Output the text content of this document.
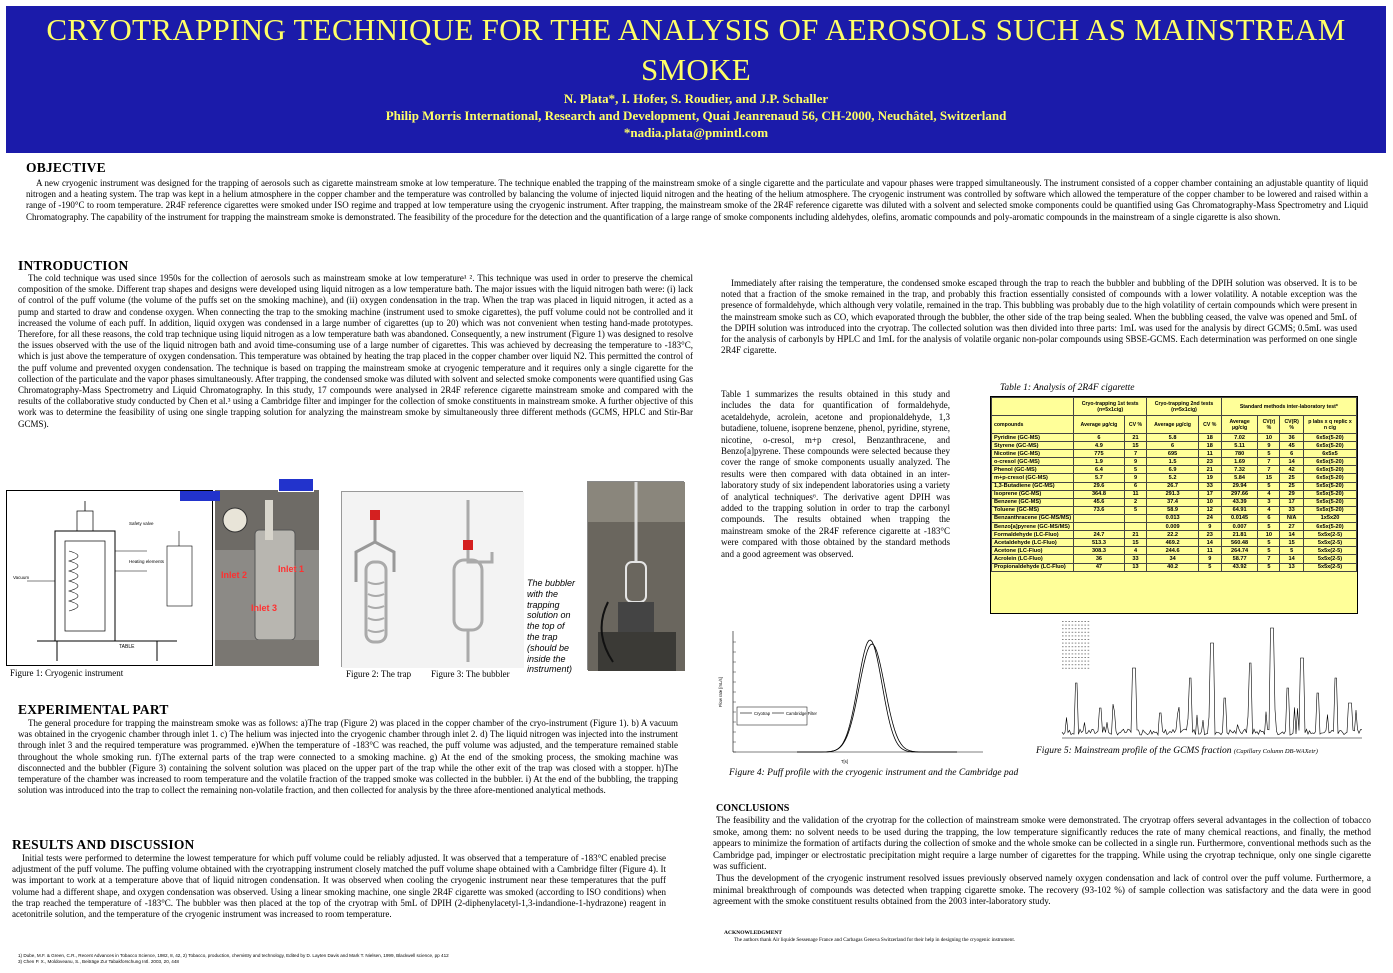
CRYOTRAPPING TECHNIQUE FOR THE ANALYSIS OF AEROSOLS SUCH AS MAINSTREAM SMOKE
N. Plata*, I. Hofer, S. Roudier, and J.P. Schaller
Philip Morris International, Research and Development, Quai Jeanrenaud 56, CH-2000, Neuchâtel, Switzerland
*nadia.plata@pmintl.com
OBJECTIVE

A new cryogenic instrument was designed for the trapping of aerosols such as cigarette mainstream smoke at low temperature. The technique enabled the trapping of the mainstream smoke of a single cigarette and the particulate and vapour phases were trapped simultaneously. The instrument consisted of a copper chamber containing an adjustable quantity of liquid nitrogen and a heating system. The trap was kept in a helium atmosphere in the copper chamber and the temperature was controlled by balancing the volume of injected liquid nitrogen and the heating of the helium atmosphere. The cryogenic instrument was controlled by software which allowed the temperature of the copper chamber to be lowered and raised within a range of -190°C to room temperature. 2R4F reference cigarettes were smoked under ISO regime and trapped at low temperature using the cryogenic instrument. After trapping, the mainstream smoke of the 2R4F reference cigarette was diluted with a solvent and selected smoke components could be quantified using Gas Chromatography-Mass Spectrometry and Liquid Chromatography. The capability of the instrument for trapping the mainstream smoke is demonstrated. The feasibility of the procedure for the detection and the quantification of a large range of smoke components including aldehydes, olefins, aromatic compounds and poly-aromatic compounds in the mainstream of a single cigarette is also shown.

INTRODUCTION

The cold technique was used since 1950s for the collection of aerosols such as mainstream smoke at low temperature¹ ². This technique was used in order to preserve the chemical composition of the smoke. Different trap shapes and designs were developed using liquid nitrogen as a low temperature bath. The major issues with the liquid nitrogen bath were: (i) lack of control of the puff volume (the volume of the puffs set on the smoking machine), and (ii) oxygen condensation in the trap. When the trap was placed in liquid nitrogen, it acted as a pump and started to draw and condense oxygen. When connecting the trap to the smoking machine (instrument used to smoke cigarettes), the puff volume could not be controlled and it increased the volume of each puff. In addition, liquid oxygen was condensed in a large number of cigarettes (up to 20) which was not convenient when testing hand-made prototypes. Therefore, for all these reasons, the cold trap technique using liquid nitrogen as a low temperature bath was abandoned. Consequently, a new instrument (Figure 1) was designed to resolve the issues observed with the use of the liquid nitrogen bath and avoid time-consuming use of a large number of cigarettes. This was achieved by decreasing the temperature to -183°C, which is just above the temperature of oxygen condensation. This temperature was obtained by heating the trap placed in the copper chamber over liquid N2. This permitted the control of the puff volume and prevented oxygen condensation. The technique is based on trapping the mainstream smoke at cryogenic temperature and it requires only a single cigarette for the collection of the particulate and the vapor phases simultaneously. After trapping, the condensed smoke was diluted with solvent and selected smoke components were quantified using Gas Chromatography-Mass Spectrometry and Liquid Chromatography. In this study, 17 compounds were analysed in 2R4F reference cigarette mainstream smoke and compared with the results of the collaborative study conducted by Chen et al.³ using a Cambridge filter and impinger for the collection of smoke constituents in mainstream smoke. A further objective of this work was to determine the feasibility of using one single trapping solution for analyzing the mainstream smoke by simultaneously three different methods (GCMS, HPLC and Stir-Bar GCMS).

Safety valve
Heating elements
Vacuum
TABLE
Inlet 2
Inlet 1
Inlet 3
Figure 1: Cryogenic instrument	Figure 2: The trap Figure 3: The bubbler
The bubbler with the trapping solution on the top of the trap (should be inside the instrument)
EXPERIMENTAL PART

The general procedure for trapping the mainstream smoke was as follows: a)The trap (Figure 2) was placed in the copper chamber of the cryo-instrument (Figure 1). b) A vacuum was obtained in the cryogenic chamber through inlet 1. c) The helium was injected into the cryogenic chamber through inlet 2. d) The liquid nitrogen was injected into the instrument through inlet 3 and the required temperature was programmed. e)When the temperature of -183°C was reached, the puff volume was adjusted, and the temperature remained stable throughout the whole smoking run. f)The external parts of the trap were connected to a smoking machine. g) At the end of the smoking process, the smoking machine was disconnected and the bubbler (Figure 3) containing the solvent solution was placed on the upper part of the trap while the other exit of the trap was closed with a stopper. h)The temperature of the chamber was increased to room temperature and the volatile fraction of the trapped smoke was collected in the bubbler. i) At the end of the bubbling, the trapping solution was introduced into the trap to collect the remaining non-volatile fraction, and then collected for analysis by the three afore-mentioned analytical methods.

RESULTS AND DISCUSSION

Initial tests were performed to determine the lowest temperature for which puff volume could be reliably adjusted. It was observed that a temperature of -183°C enabled precise adjustment of the puff volume. The puffing volume obtained with the cryotrapping instrument closely matched the puff volume shape obtained with a Cambridge filter (Figure 4). It was important to work at a temperature above that of liquid nitrogen condensation. It was observed when cooling the cryogenic instrument near these temperatures that the puff volume had a different shape, and oxygen condensation was observed. Using a linear smoking machine, one single 2R4F cigarette was smoked (according to ISO conditions) when the trap reached the temperature of -183°C. The bubbler was then placed at the top of the cryotrap with 5mL of DPIH (2-diphenylacetyl-1,3-indandione-1-hydrazone) reagent in acetonitrile solution, and the temperature of the cryogenic instrument was increased to room temperature.

1) Dube, M.F. & Green, C.R., Recent Advances in Tobacco Science, 1982, 8, 42, 2) Tobacco, production, chemistry and technology, Edited by D. Layten Davis and Mark T. Nielsen, 1999, Blackwell science, pp 412
3) Chen P. X., Moldoveanu, S., Beiträge Zur Tabakforschung Intl. 2003, 20, 448

Immediately after raising the temperature, the condensed smoke escaped through the trap to reach the bubbler and bubbling of the DPIH solution was observed. It is to be noted that a fraction of the smoke remained in the trap, and probably this fraction essentially consisted of compounds with a lower volatility. A notable exception was the presence of formaldehyde, which although very volatile, remained in the trap. This bubbling was probably due to the high volatility of certain compounds which were present in the mainstream smoke such as CO, which evaporated through the bubbler, the other side of the trap being sealed. When the bubbling ceased, the valve was opened and 5mL of the DPIH solution was introduced into the cryotrap. The collected solution was then divided into three parts: 1mL was used for the analysis by direct GCMS; 0.5mL was used for the analysis of carbonyls by HPLC and 1mL for the analysis of volatile organic non-polar compounds using SBSE-GCMS. Each determination was performed on one single 2R4F cigarette.

Table 1 summarizes the results obtained in this study and includes the data for quantification of formaldehyde, acetaldehyde, acrolein, acetone and propionaldehyde, 1,3 butadiene, toluene, isoprene benzene, phenol, pyridine, styrene, nicotine, o-cresol, m+p cresol, Benzanthracene, and Benzo[a]pyrene. These compounds were selected because they cover the range of smoke components usually analyzed. The results were then compared with data obtained in an inter-laboratory study of six independent laboratories using a variety of analytical techniques⁶. The derivative agent DPIH was added to the trapping solution in order to trap the carbonyl compounds. The results obtained when trapping the mainstream smoke of the 2R4F reference cigarette at -183°C were compared with those obtained by the standard methods and a good agreement was observed.

Table 1: Analysis of 2R4F cigarette
	Cryo-trapping 1st tests (n=5x1cig)		Cryo-trapping 2nd tests (n=5x1cig)		Standard methods inter-laboratory test*			
compounds	Average µg/cig	CV %	Average µg/cig	CV %	Average µg/cig	CV(r) %	CV(R) %	p labs x q replic x n cig
Pyridine (GC-MS)	6	21	5.8	18	7.02	10	36	6x5x(5-20)
Styrene (GC-MS)	4.9	15	6	18	5.11	9	45	6x5x(5-20)
Nicotine (GC-MS)	775	7	695	11	780	5	6	6x5x5
o-cresol (GC-MS)	1.9	9	1.5	23	1.69	7	14	6x5x(5-20)
Phenol (GC-MS)	6.4	5	6.9	21	7.32	7	42	6x5x(5-20)
m+p-cresol (GC-MS)	5.7	9	5.2	19	5.84	15	25	6x5x(5-20)
1,3-Butadiene (GC-MS)	29.6	6	26.7	33	29.94	5	25	5x5x(5-20)
Isoprene (GC-MS)	364.8	11	291.3	17	297.66	4	29	5x5x(5-20)
Benzene (GC-MS)	45.6	2	37.4	10	43.39	3	17	5x5x(5-20)
Toluene (GC-MS)	73.6	5	58.9	12	64.91	4	33	5x5x(5-20)
Benzanthracene (GC-MS/MS)			0.013	24	0.0145	6	N/A	1x5x20
Benzo[a]pyrene (GC-MS/MS)			0.009	9	0.007	5	27	6x5x(5-20)
Formaldehyde (LC-Fluo)	24.7	21	22.2	23	21.81	10	14	5x5x(2-5)
Acetaldehyde (LC-Fluo)	513.3	15	469.2	14	560.48	5	15	5x5x(2-5)
Acetone (LC-Fluo)	308.3	4	244.6	11	264.74	5	5	5x5x(2-5)
Acrolein (LC-Fluo)	36	33	34	9	58.77	7	14	5x5x(2-5)
Propionaldehyde (LC-Fluo)	47	13	40.2	5	43.92	5	13	5x5x(2-5)
Cryotrap	Cambridge Filter
T[s]
Flow rate [mL/s]
Figure 4: Puff profile with the cryogenic instrument and the Cambridge pad
Figure 5: Mainstream profile of the GCMS fraction (Capillary Column DB-WAXetr)
CONCLUSIONS

The feasibility and the validation of the cryotrap for the collection of mainstream smoke were demonstrated. The cryotrap offers several advantages in the collection of tobacco smoke, among them: no solvent needs to be used during the trapping, the low temperature significantly reduces the rate of many chemical reactions, and finally, the method appears to minimize the formation of artifacts during the collection of smoke and the whole smoke can be collected in a single run. Furthermore, conventional methods such as the Cambridge pad, impinger or electrostatic precipitation might require a large number of cigarettes for the trapping. While using the cryotrap technique, only one single cigarette was sufficient.

Thus the development of the cryogenic instrument resolved issues previously observed namely oxygen condensation and lack of control over the puff volume. Furthermore, a minimal breakthrough of compounds was detected when trapping cigarette smoke. The recovery (93-102 %) of sample collection was satisfactory and the data were in good agreement with the smoke constituent results obtained from the 2003 inter-laboratory study.

ACKNOWLEDGMENT
The authors thank Air liquide Sessenage France and Carbagas Geneva Switzerland for their help in designing the cryogenic instrument.
